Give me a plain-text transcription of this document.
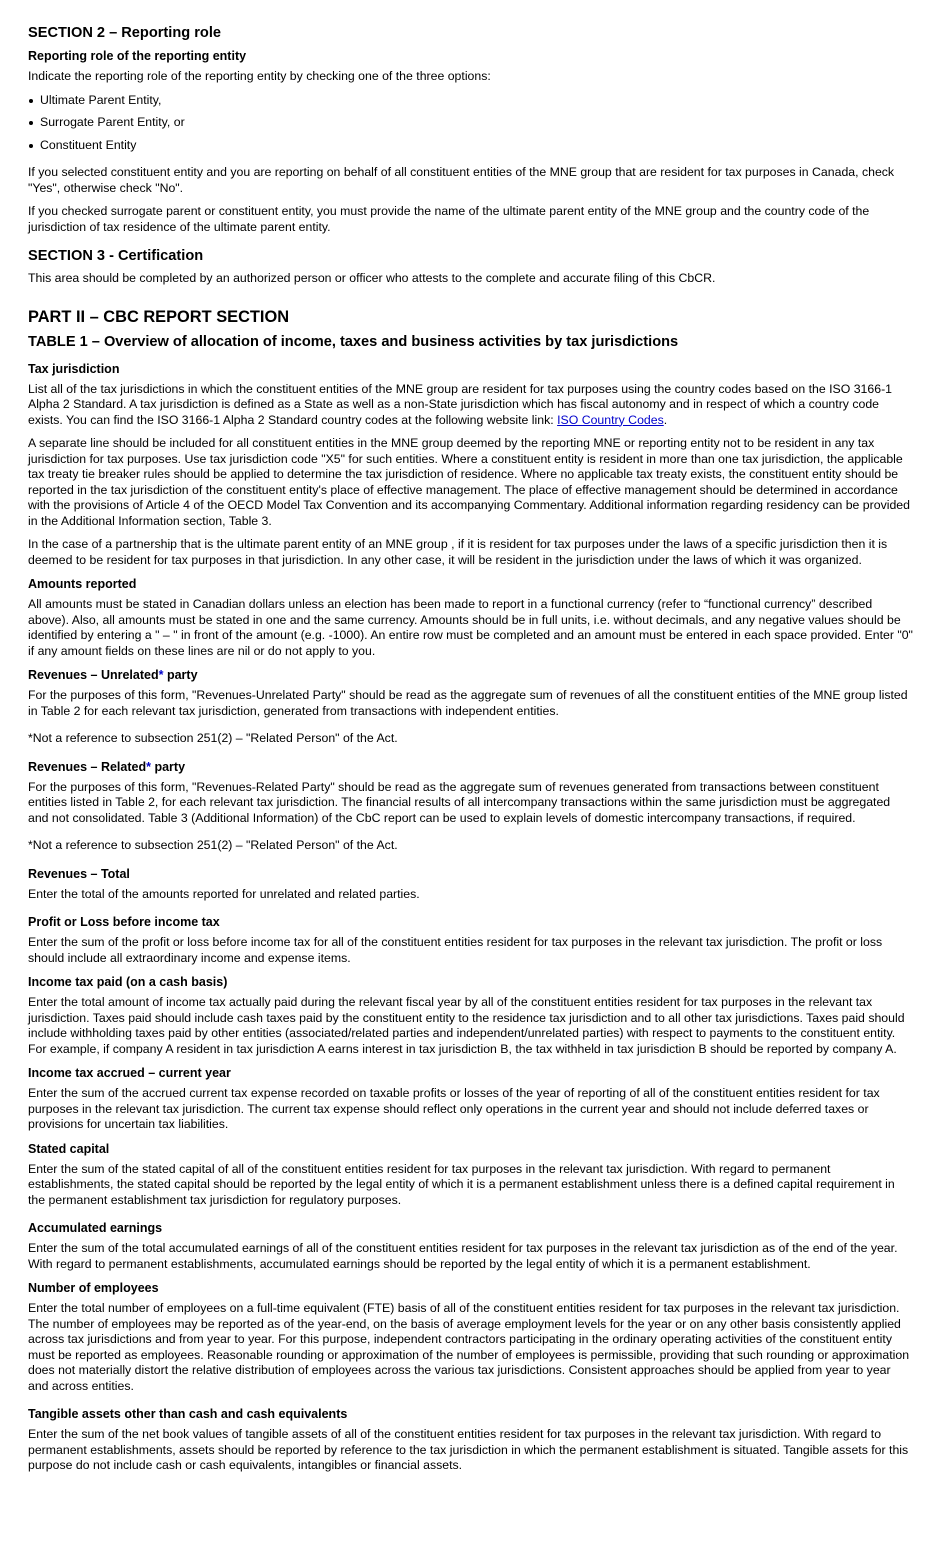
SECTION 2 – Reporting role
Reporting role of the reporting entity

Indicate the reporting role of the reporting entity by checking one of the three options:

Ultimate Parent Entity,
Surrogate Parent Entity, or
Constituent Entity

If you selected constituent entity and you are reporting on behalf of all constituent entities of the MNE group that are resident for tax purposes in Canada, check "Yes", otherwise check "No".

If you checked surrogate parent or constituent entity, you must provide the name of the ultimate parent entity of the MNE group and the country code of the jurisdiction of tax residence of the ultimate parent entity.

SECTION 3 - Certification

This area should be completed by an authorized person or officer who attests to the complete and accurate filing of this CbCR.

PART II – CBC REPORT SECTION
TABLE 1 – Overview of allocation of income, taxes and business activities by tax jurisdictions
Tax jurisdiction

List all of the tax jurisdictions in which the constituent entities of the MNE group are resident for tax purposes using the country codes based on the ISO 3166-1 Alpha 2 Standard. A tax jurisdiction is defined as a State as well as a non-State jurisdiction which has fiscal autonomy and in respect of which a country code exists. You can find the ISO 3166-1 Alpha 2 Standard country codes at the following website link: ISO Country Codes.

A separate line should be included for all constituent entities in the MNE group deemed by the reporting MNE or reporting entity not to be resident in any tax jurisdiction for tax purposes. Use tax jurisdiction code "X5" for such entities. Where a constituent entity is resident in more than one tax jurisdiction, the applicable tax treaty tie breaker rules should be applied to determine the tax jurisdiction of residence. Where no applicable tax treaty exists, the constituent entity should be reported in the tax jurisdiction of the constituent entity's place of effective management. The place of effective management should be determined in accordance with the provisions of Article 4 of the OECD Model Tax Convention and its accompanying Commentary. Additional information regarding residency can be provided in the Additional Information section, Table 3.

In the case of a partnership that is the ultimate parent entity of an MNE group , if it is resident for tax purposes under the laws of a specific jurisdiction then it is deemed to be resident for tax purposes in that jurisdiction. In any other case, it will be resident in the jurisdiction under the laws of which it was organized.

Amounts reported

All amounts must be stated in Canadian dollars unless an election has been made to report in a functional currency (refer to “functional currency” described above). Also, all amounts must be stated in one and the same currency. Amounts should be in full units, i.e. without decimals, and any negative values should be identified by entering a " – " in front of the amount (e.g. -1000). An entire row must be completed and an amount must be entered in each space provided. Enter "0" if any amount fields on these lines are nil or do not apply to you.

Revenues – Unrelated* party

For the purposes of this form, "Revenues-Unrelated Party" should be read as the aggregate sum of revenues of all the constituent entities of the MNE group listed in Table 2 for each relevant tax jurisdiction, generated from transactions with independent entities.

*Not a reference to subsection 251(2) – "Related Person" of the Act.

Revenues – Related* party

For the purposes of this form, "Revenues-Related Party" should be read as the aggregate sum of revenues generated from transactions between constituent entities listed in Table 2, for each relevant tax jurisdiction. The financial results of all intercompany transactions within the same jurisdiction must be aggregated and not consolidated. Table 3 (Additional Information) of the CbC report can be used to explain levels of domestic intercompany transactions, if required.

*Not a reference to subsection 251(2) – "Related Person" of the Act.

Revenues – Total

Enter the total of the amounts reported for unrelated and related parties.

Profit or Loss before income tax

Enter the sum of the profit or loss before income tax for all of the constituent entities resident for tax purposes in the relevant tax jurisdiction. The profit or loss should include all extraordinary income and expense items.

Income tax paid (on a cash basis)

Enter the total amount of income tax actually paid during the relevant fiscal year by all of the constituent entities resident for tax purposes in the relevant tax jurisdiction. Taxes paid should include cash taxes paid by the constituent entity to the residence tax jurisdiction and to all other tax jurisdictions. Taxes paid should include withholding taxes paid by other entities (associated/related parties and independent/unrelated parties) with respect to payments to the constituent entity. For example, if company A resident in tax jurisdiction A earns interest in tax jurisdiction B, the tax withheld in tax jurisdiction B should be reported by company A.

Income tax accrued – current year

Enter the sum of the accrued current tax expense recorded on taxable profits or losses of the year of reporting of all of the constituent entities resident for tax purposes in the relevant tax jurisdiction. The current tax expense should reflect only operations in the current year and should not include deferred taxes or provisions for uncertain tax liabilities.

Stated capital

Enter the sum of the stated capital of all of the constituent entities resident for tax purposes in the relevant tax jurisdiction. With regard to permanent establishments, the stated capital should be reported by the legal entity of which it is a permanent establishment unless there is a defined capital requirement in the permanent establishment tax jurisdiction for regulatory purposes.

Accumulated earnings

Enter the sum of the total accumulated earnings of all of the constituent entities resident for tax purposes in the relevant tax jurisdiction as of the end of the year. With regard to permanent establishments, accumulated earnings should be reported by the legal entity of which it is a permanent establishment.

Number of employees

Enter the total number of employees on a full-time equivalent (FTE) basis of all of the constituent entities resident for tax purposes in the relevant tax jurisdiction. The number of employees may be reported as of the year-end, on the basis of average employment levels for the year or on any other basis consistently applied across tax jurisdictions and from year to year. For this purpose, independent contractors participating in the ordinary operating activities of the constituent entity must be reported as employees. Reasonable rounding or approximation of the number of employees is permissible, providing that such rounding or approximation does not materially distort the relative distribution of employees across the various tax jurisdictions. Consistent approaches should be applied from year to year and across entities.

Tangible assets other than cash and cash equivalents

Enter the sum of the net book values of tangible assets of all of the constituent entities resident for tax purposes in the relevant tax jurisdiction. With regard to permanent establishments, assets should be reported by reference to the tax jurisdiction in which the permanent establishment is situated. Tangible assets for this purpose do not include cash or cash equivalents, intangibles or financial assets.
